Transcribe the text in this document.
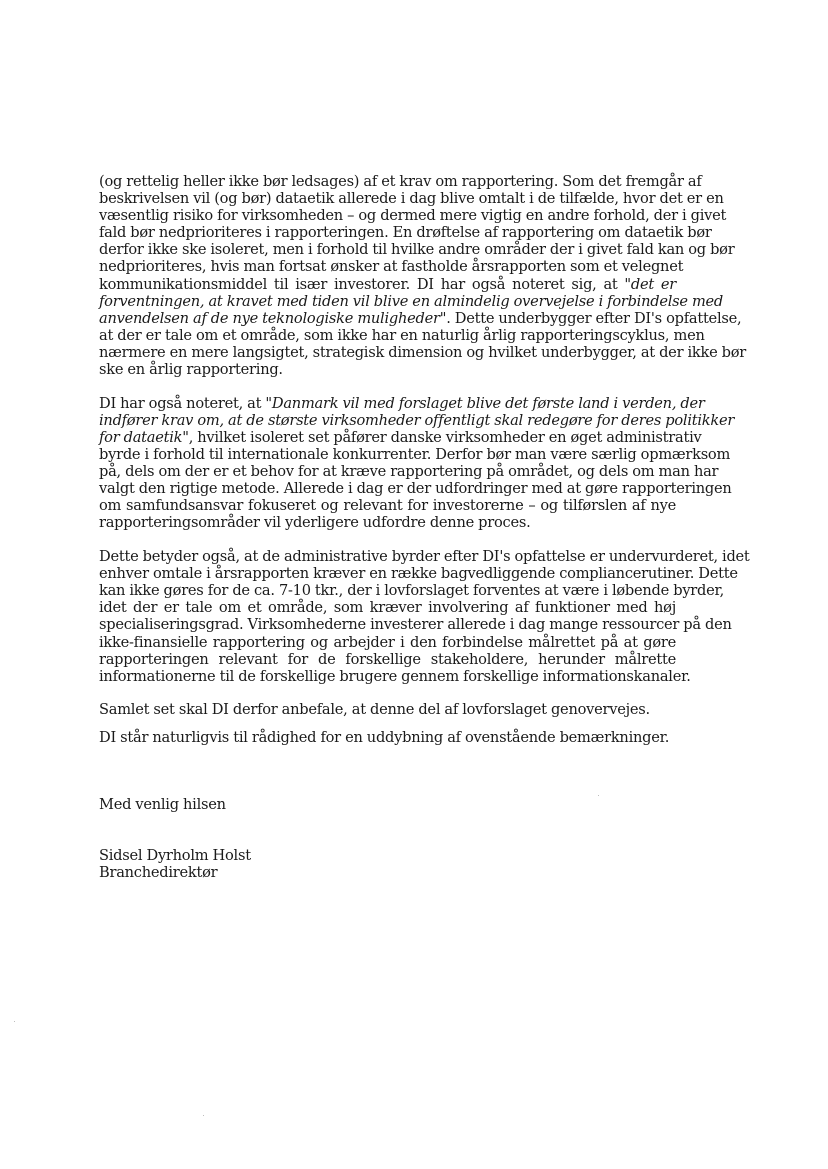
(og rettelig heller ikke bør ledsages) af et krav om rapportering. Som det fremgår af
beskrivelsen vil (og bør) dataetik allerede i dag blive omtalt i de tilfælde, hvor det er en
væsentlig risiko for virksomheden – og dermed mere vigtig en andre forhold, der i givet
fald bør nedprioriteres i rapporteringen. En drøftelse af rapportering om dataetik bør
derfor ikke ske isoleret, men i forhold til hvilke andre områder der i givet fald kan og bør
nedprioriteres, hvis man fortsat ønsker at fastholde årsrapporten som et velegnet
kommunikationsmiddel til især investorer. DI har også noteret sig, at "det er
forventningen, at kravet med tiden vil blive en almindelig overvejelse i forbindelse med
anvendelsen af de nye teknologiske muligheder". Dette underbygger efter DI's opfattelse,
at der er tale om et område, som ikke har en naturlig årlig rapporteringscyklus, men
nærmere en mere langsigtet, strategisk dimension og hvilket underbygger, at der ikke bør
ske en årlig rapportering.
DI har også noteret, at "Danmark vil med forslaget blive det første land i verden, der
indfører krav om, at de største virksomheder offentligt skal redegøre for deres politikker
for dataetik", hvilket isoleret set påfører danske virksomheder en øget administrativ
byrde i forhold til internationale konkurrenter. Derfor bør man være særlig opmærksom
på, dels om der er et behov for at kræve rapportering på området, og dels om man har
valgt den rigtige metode. Allerede i dag er der udfordringer med at gøre rapporteringen
om samfundsansvar fokuseret og relevant for investorerne – og tilførslen af nye
rapporteringsområder vil yderligere udfordre denne proces.
Dette betyder også, at de administrative byrder efter DI's opfattelse er undervurderet, idet
enhver omtale i årsrapporten kræver en række bagvedliggende compliancerutiner. Dette
kan ikke gøres for de ca. 7-10 tkr., der i lovforslaget forventes at være i løbende byrder,
idet der er tale om et område, som kræver involvering af funktioner med høj
specialiseringsgrad. Virksomhederne investerer allerede i dag mange ressourcer på den
ikke-finansielle rapportering og arbejder i den forbindelse målrettet på at gøre
rapporteringen relevant for de forskellige stakeholdere, herunder målrette
informationerne til de forskellige brugere gennem forskellige informationskanaler.
Samlet set skal DI derfor anbefale, at denne del af lovforslaget genovervejes.
DI står naturligvis til rådighed for en uddybning af ovenstående bemærkninger.
Med venlig hilsen
Sidsel Dyrholm Holst
Branchedirektør
